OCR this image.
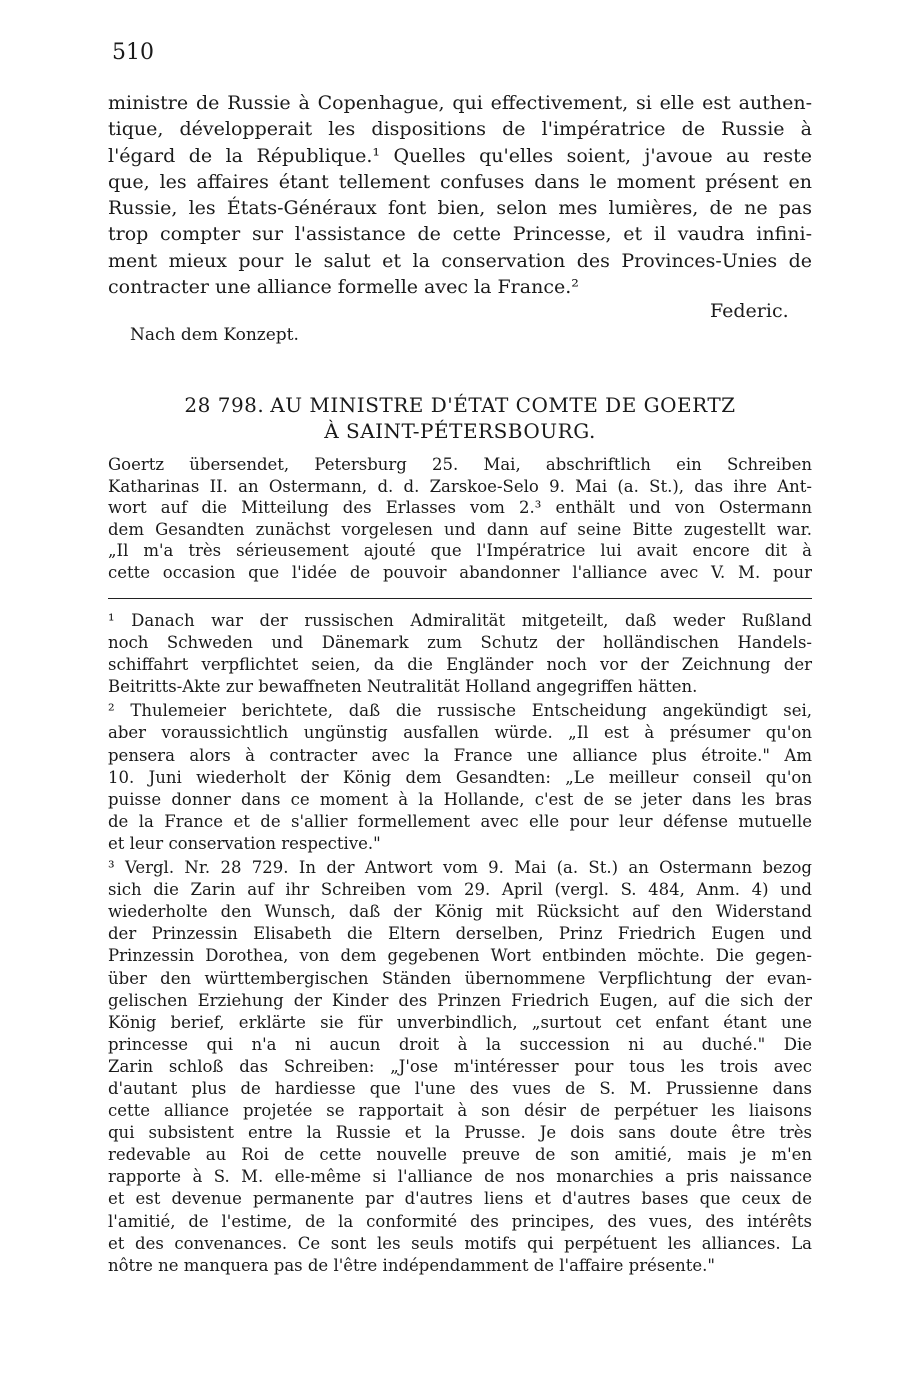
510
ministre de Russie à Copenhague, qui effectivement, si elle est authen-
tique, développerait les dispositions de l'impératrice de Russie à
l'égard de la République.¹ Quelles qu'elles soient, j'avoue au reste
que, les affaires étant tellement confuses dans le moment présent en
Russie, les États-Généraux font bien, selon mes lumières, de ne pas
trop compter sur l'assistance de cette Princesse, et il vaudra infini-
ment mieux pour le salut et la conservation des Provinces-Unies de
contracter une alliance formelle avec la France.²
Federic.
Nach dem Konzept.
28 798. AU MINISTRE D'ÉTAT COMTE DE GOERTZ
À SAINT-PÉTERSBOURG.
Goertz übersendet, Petersburg 25. Mai, abschriftlich ein Schreiben
Katharinas II. an Ostermann, d. d. Zarskoe-Selo 9. Mai (a. St.), das ihre Ant-
wort auf die Mitteilung des Erlasses vom 2.³ enthält und von Ostermann
dem Gesandten zunächst vorgelesen und dann auf seine Bitte zugestellt war.
„Il m'a très sérieusement ajouté que l'Impératrice lui avait encore dit à
cette occasion que l'idée de pouvoir abandonner l'alliance avec V. M. pour
¹ Danach war der russischen Admiralität mitgeteilt, daß weder Rußland
noch Schweden und Dänemark zum Schutz der holländischen Handels-
schiffahrt verpflichtet seien, da die Engländer noch vor der Zeichnung der
Beitritts-Akte zur bewaffneten Neutralität Holland angegriffen hätten.
² Thulemeier berichtete, daß die russische Entscheidung angekündigt sei,
aber voraussichtlich ungünstig ausfallen würde. „Il est à présumer qu'on
pensera alors à contracter avec la France une alliance plus étroite." Am
10. Juni wiederholt der König dem Gesandten: „Le meilleur conseil qu'on
puisse donner dans ce moment à la Hollande, c'est de se jeter dans les bras
de la France et de s'allier formellement avec elle pour leur défense mutuelle
et leur conservation respective."
³ Vergl. Nr. 28 729. In der Antwort vom 9. Mai (a. St.) an Ostermann bezog
sich die Zarin auf ihr Schreiben vom 29. April (vergl. S. 484, Anm. 4) und
wiederholte den Wunsch, daß der König mit Rücksicht auf den Widerstand
der Prinzessin Elisabeth die Eltern derselben, Prinz Friedrich Eugen und
Prinzessin Dorothea, von dem gegebenen Wort entbinden möchte. Die gegen-
über den württembergischen Ständen übernommene Verpflichtung der evan-
gelischen Erziehung der Kinder des Prinzen Friedrich Eugen, auf die sich der
König berief, erklärte sie für unverbindlich, „surtout cet enfant étant une
princesse qui n'a ni aucun droit à la succession ni au duché." Die
Zarin schloß das Schreiben: „J'ose m'intéresser pour tous les trois avec
d'autant plus de hardiesse que l'une des vues de S. M. Prussienne dans
cette alliance projetée se rapportait à son désir de perpétuer les liaisons
qui subsistent entre la Russie et la Prusse. Je dois sans doute être très
redevable au Roi de cette nouvelle preuve de son amitié, mais je m'en
rapporte à S. M. elle-même si l'alliance de nos monarchies a pris naissance
et est devenue permanente par d'autres liens et d'autres bases que ceux de
l'amitié, de l'estime, de la conformité des principes, des vues, des intérêts
et des convenances. Ce sont les seuls motifs qui perpétuent les alliances. La
nôtre ne manquera pas de l'être indépendamment de l'affaire présente."
